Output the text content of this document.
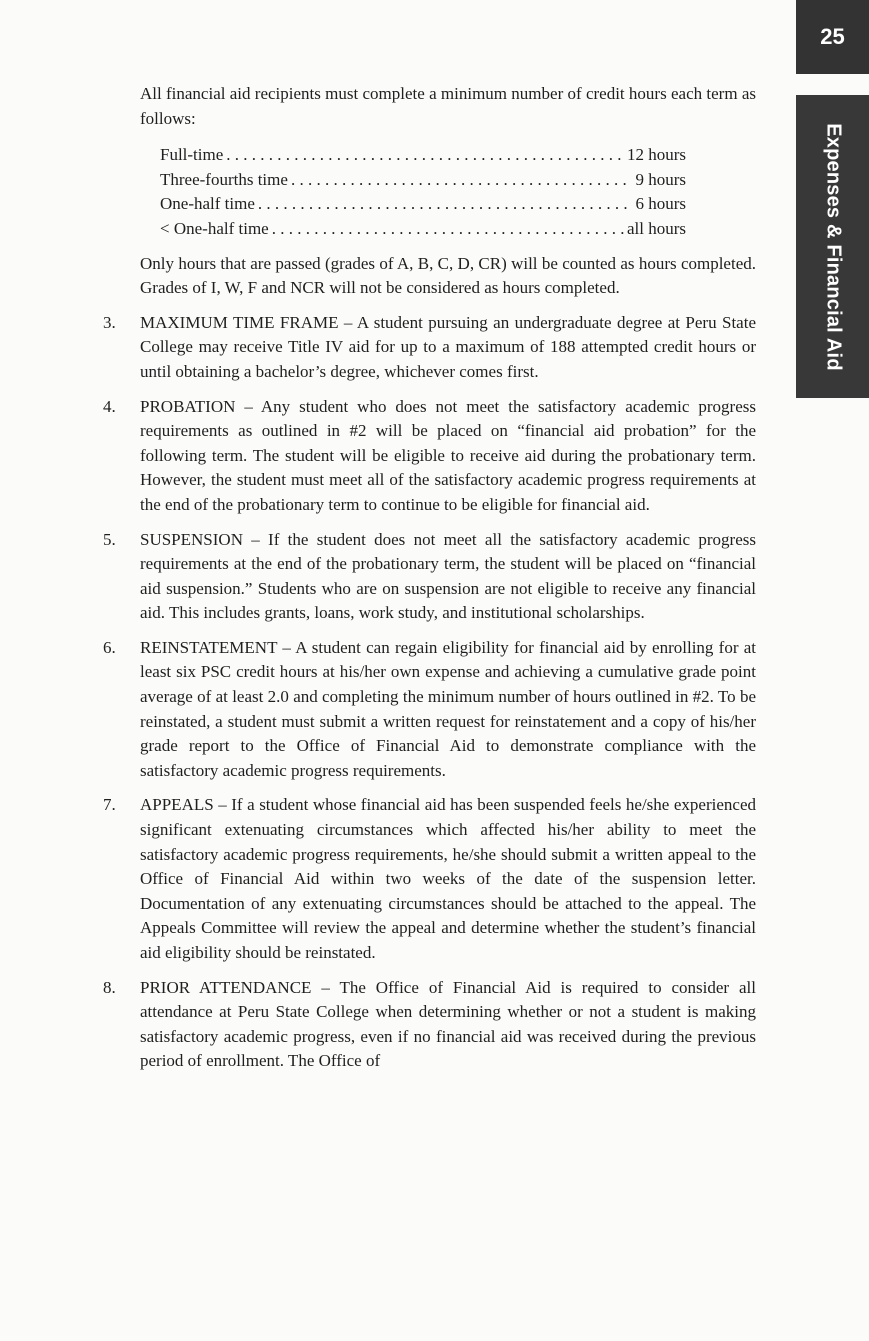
25
Expenses & Financial Aid

All financial aid recipients must complete a minimum number of credit hours each term as follows:

Full-time . . .	12 hours
Three-fourths time . . .	9 hours
One-half time . . .	6 hours
< One-half time . . .	all hours

Only hours that are passed (grades of A, B, C, D, CR) will be counted as hours completed. Grades of I, W, F and NCR will not be considered as hours completed.

3. MAXIMUM TIME FRAME – A student pursuing an undergraduate degree at Peru State College may receive Title IV aid for up to a maximum of 188 attempted credit hours or until obtaining a bachelor’s degree, whichever comes first.
4. PROBATION – Any student who does not meet the satisfactory academic progress requirements as outlined in #2 will be placed on “financial aid probation” for the following term. The student will be eligible to receive aid during the probationary term. However, the student must meet all of the satisfactory academic progress requirements at the end of the probationary term to continue to be eligible for financial aid.
5. SUSPENSION – If the student does not meet all the satisfactory academic progress requirements at the end of the probationary term, the student will be placed on “financial aid suspension.” Students who are on suspension are not eligible to receive any financial aid. This includes grants, loans, work study, and institutional scholarships.
6. REINSTATEMENT – A student can regain eligibility for financial aid by enrolling for at least six PSC credit hours at his/her own expense and achieving a cumulative grade point average of at least 2.0 and completing the minimum number of hours outlined in #2. To be reinstated, a student must submit a written request for reinstatement and a copy of his/her grade report to the Office of Financial Aid to demonstrate compliance with the satisfactory academic progress requirements.
7. APPEALS – If a student whose financial aid has been suspended feels he/she experienced significant extenuating circumstances which affected his/her ability to meet the satisfactory academic progress requirements, he/she should submit a written appeal to the Office of Financial Aid within two weeks of the date of the suspension letter. Documentation of any extenuating circumstances should be attached to the appeal. The Appeals Committee will review the appeal and determine whether the student’s financial aid eligibility should be reinstated.
8. PRIOR ATTENDANCE – The Office of Financial Aid is required to consider all attendance at Peru State College when determining whether or not a student is making satisfactory academic progress, even if no financial aid was received during the previous period of enrollment. The Office of
